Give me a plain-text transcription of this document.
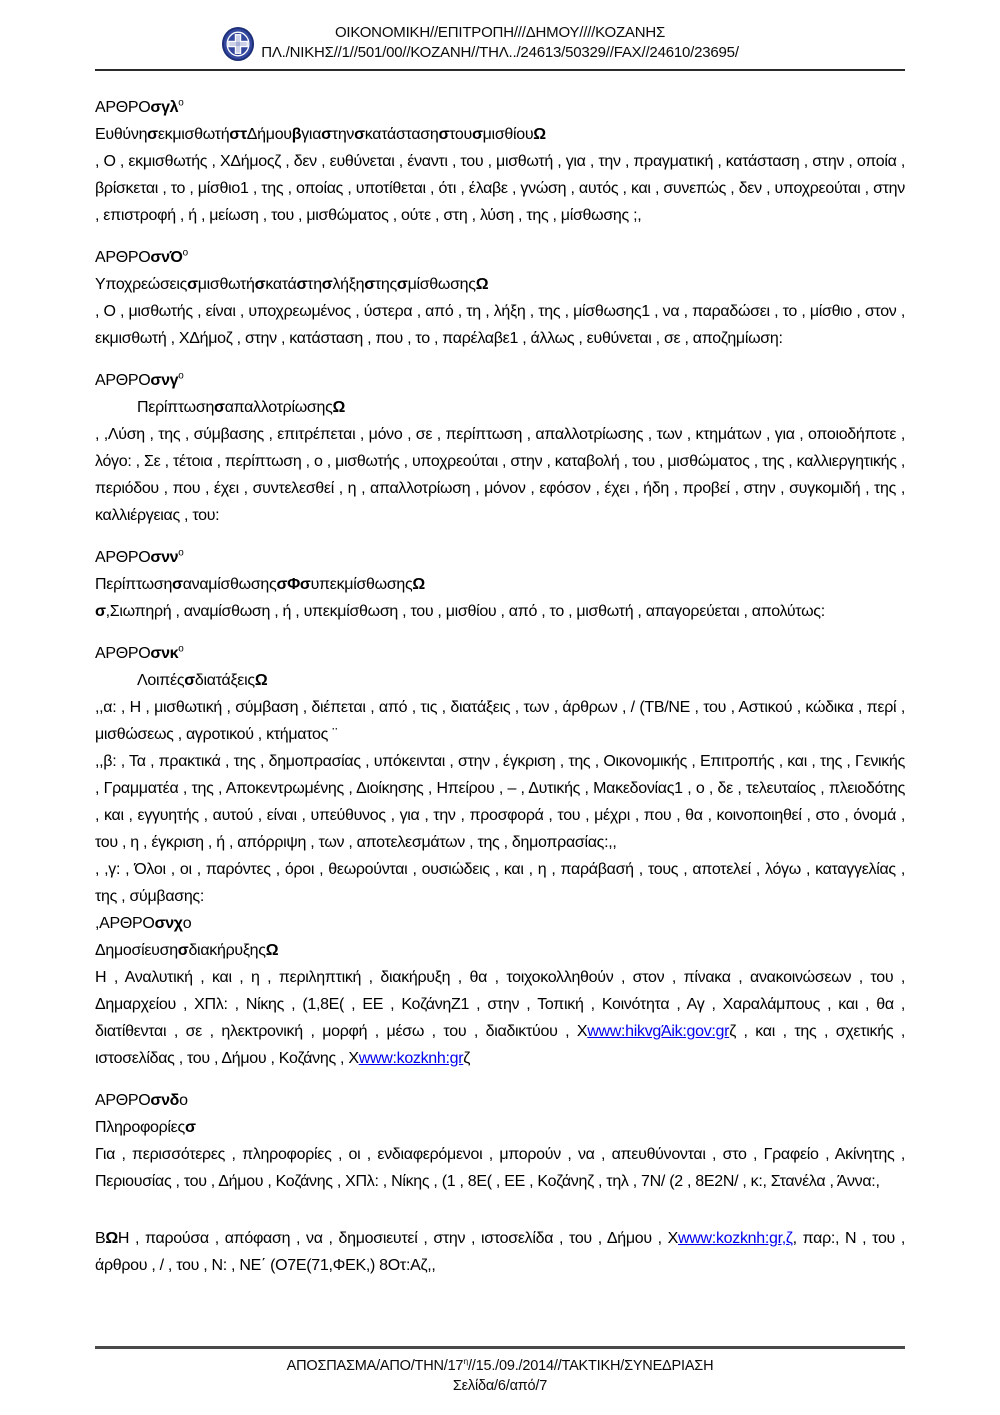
ΟΙΚΟΝΟΜΙΚΗ//ΕΠΙΤΡΟΠΗ///ΔΗΜΟΥ////ΚΟΖΑΝΗΣ
ΠΛ./ΝΙΚΗΣ//1//501/00//ΚΟΖΑΝΗ//ΤΗΛ../24613/50329//FAX//24610/23695/
ΑΡΘΡΟσγλ$^o$
ΕυθύνησεκμισθωτήστΔήμουβγιαστηνσκατάστασηστουσμισθίουΩ
, Ο , εκμισθωτής , ΧΔήμοςζ , δεν , ευθύνεται , έναντι , του , μισθωτή , για , την , πραγματική , κατάσταση , στην , οποία , βρίσκεται , το , μίσθιο1 , της , οποίας , υποτίθεται , ότι , έλαβε , γνώση , αυτός , και , συνεπώς , δεν , υποχρεούται , στην , επιστροφή , ή , μείωση , του , μισθώματος , ούτε , στη , λύση , της , μίσθωσης ;,
ΑΡΘΡΟσνΌ$^o$
ΥποχρεώσειςσμισθωτήσκατάστησλήξηστηςσμίσθωσηςΩ
, Ο , μισθωτής , είναι , υποχρεωμένος , ύστερα , από , τη , λήξη , της , μίσθωσης1 , να , παραδώσει , το , μίσθιο , στον , εκμισθωτή , ΧΔήμοζ , στην , κατάσταση , που , το , παρέλαβε1 , άλλως , ευθύνεται , σε , αποζημίωση:
ΑΡΘΡΟσνγ$^o$
ΠερίπτωσησαπαλλοτρίωσηςΩ
, ,Λύση , της , σύμβασης , επιτρέπεται , μόνο , σε , περίπτωση , απαλλοτρίωσης , των , κτημάτων , για , οποιοδήποτε , λόγο: , Σε , τέτοια , περίπτωση , ο , μισθωτής , υποχρεούται , στην , καταβολή , του , μισθώματος , της , καλλιεργητικής , περιόδου , που , έχει , συντελεσθεί , η , απαλλοτρίωση , μόνον , εφόσον , έχει , ήδη , προβεί , στην , συγκομιδή , της , καλλιέργειας , του:
ΑΡΘΡΟσνν$^o$
ΠερίπτωσησαναμίσθωσηςσΦσυπεκμίσθωσηςΩ
σ,Σιωπηρή , αναμίσθωση , ή , υπεκμίσθωση , του , μισθίου , από , το , μισθωτή , απαγορεύεται , απολύτως:
ΑΡΘΡΟσνκ$^o$
ΛοιπέςσδιατάξειςΩ
,,α: , Η , μισθωτική , σύμβαση , διέπεται , από , τις , διατάξεις , των , άρθρων , / (ΤΒ/ΝΕ , του , Αστικού , κώδικα , περί , μισθώσεως , αγροτικού , κτήματος ¨
,,β: , Τα , πρακτικά , της , δημοπρασίας , υπόκεινται , στην , έγκριση , της , Οικονομικής , Επιτροπής , και , της , Γενικής , Γραμματέα , της , Αποκεντρωμένης , Διοίκησης , Ηπείρου , – , Δυτικής , Μακεδονίας1 , ο , δε , τελευταίος , πλειοδότης , και , εγγυητής , αυτού , είναι , υπεύθυνος , για , την , προσφορά , του , μέχρι , που , θα , κοινοποιηθεί , στο , όνομά , του , η , έγκριση , ή , απόρριψη , των , αποτελεσμάτων , της , δημοπρασίας:,,
, ,γ: , Όλοι , οι , παρόντες , όροι , θεωρούνται , ουσιώδεις , και , η , παράβασή , τους , αποτελεί , λόγω , καταγγελίας , της , σύμβασης:
,ΑΡΘΡΟσνχο
ΔημοσίευσησδιακήρυξηςΩ
Η , Αναλυτική , και , η , περιληπτική , διακήρυξη , θα , τοιχοκολληθούν , στον , πίνακα , ανακοινώσεων , του , Δημαρχείου , ΧΠλ: , Νίκης , (1,8Ε( , ΕΕ , ΚοζάνηΖ1 , στην , Τοπική , Κοινότητα , Αγ , Χαραλάμπους , και , θα , διατίθενται , σε , ηλεκτρονική , μορφή , μέσω , του , διαδικτύου , Xwww:hikvgΆik:gov:grζ , και , της , σχετικής , ιστοσελίδας , του , Δήμου , Κοζάνης , Xwww:kozknh:grζ
ΑΡΘΡΟσνδο
Πληροφορίεςσ
Για , περισσότερες , πληροφορίες , οι , ενδιαφερόμενοι , μπορούν , να , απευθύνονται , στο , Γραφείο , Ακίνητης , Περιουσίας , του , Δήμου , Κοζάνης , ΧΠλ: , Νίκης , (1 , 8Ε( , ΕΕ , Κοζάνηζ , τηλ , 7Ν/ (2 , 8Ε2Ν/ , κ:, Στανέλα , Άννα:,
ΒΩΗ , παρούσα , απόφαση , να , δημοσιευτεί , στην , ιστοσελίδα , του , Δήμου , Xwww:kozknh:gr,ζ, παρ:, Ν , του , άρθρου , / , του , Ν: , ΝΕ΄ (Ο7Ε(71,ΦΕΚ,) 8Οτ:Αζ,,
ΑΠΟΣΠΑΣΜΑ/$A\Pi O/THN/17^\eta//15./09./2014//TAKTIKH$/ΣΥΝΕΔΡΙΑΣΗ
Σελίδα/6/από/7
